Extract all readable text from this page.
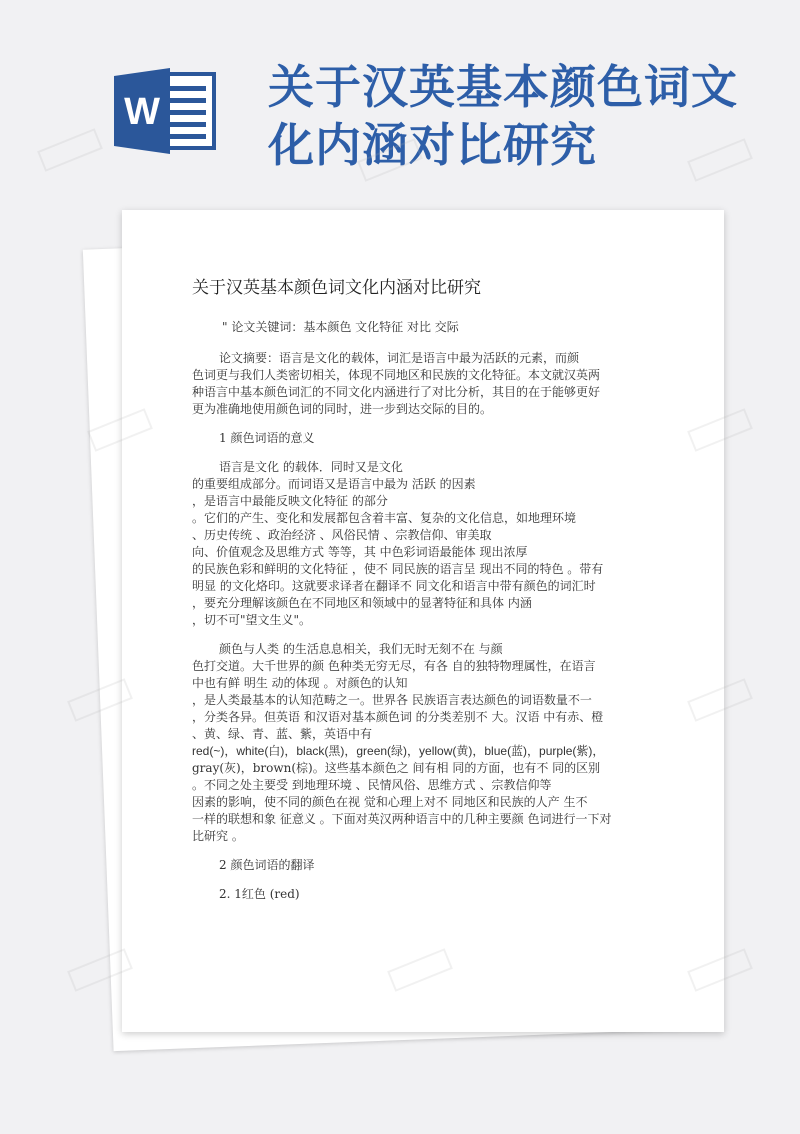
W 关于汉英基本颜色词文
化内涵对比研究
关于汉英基本颜色词文化内涵对比研究
" 论文关键词：基本颜色 文化特征 对比 交际
论文摘要：语言是文化的载体，词汇是语言中最为活跃的元素，而颜
色词更与我们人类密切相关，体现不同地区和民族的文化特征。本文就汉英两
种语言中基本颜色词汇的不同文化内涵进行了对比分析，其目的在于能够更好
更为准确地使用颜色词的同时，进一步到达交际的目的。
1 颜色词语的意义
语言是文化 的载体．同时又是文化
的重要组成部分。而词语又是语言中最为 活跃 的因素
，是语言中最能反映文化特征 的部分
。它们的产生、变化和发展都包含着丰富、复杂的文化信息，如地理环境
、历史传统 、政治经济 、风俗民情 、宗教信仰、审美取
向、价值观念及思维方式 等等，其 中色彩词语最能体 现出浓厚
的民族色彩和鲜明的文化特征 ，使不 同民族的语言呈 现出不同的特色 。带有
明显 的文化烙印。这就要求译者在翻译不 同文化和语言中带有颜色的词汇时
，要充分理解该颜色在不同地区和领域中的显著特征和具体 内涵
，切不可"望文生义"。
颜色与人类 的生活息息相关，我们无时无刻不在 与颜
色打交道。大千世界的颜 色种类无穷无尽，有各 自的独特物理属性，在语言
中也有鲜 明生 动的体现 。对颜色的认知
，是人类最基本的认知范畴之一。世界各 民族语言表达颜色的词语数量不一
，分类各异。但英语 和汉语对基本颜色词 的分类差别不 大。汉语 中有赤、橙
、黄、绿、青、蓝、紫，英语中有
red(~)，white(白)，black(黑)，green(绿)，yellow(黄)，blue(蓝)，purple(紫)，
gray(灰)，brown(棕)。这些基本颜色之 间有相 同的方面，也有不 同的区别
。不同之处主要受 到地理环境 、民情风俗、思维方式 、宗教信仰等
因素的影响，使不同的颜色在视 觉和心理上对不 同地区和民族的人产 生不
一样的联想和象 征意义 。下面对英汉两种语言中的几种主要颜 色词进行一下对
比研究 。
2 颜色词语的翻译
2. 1红色 (red)
